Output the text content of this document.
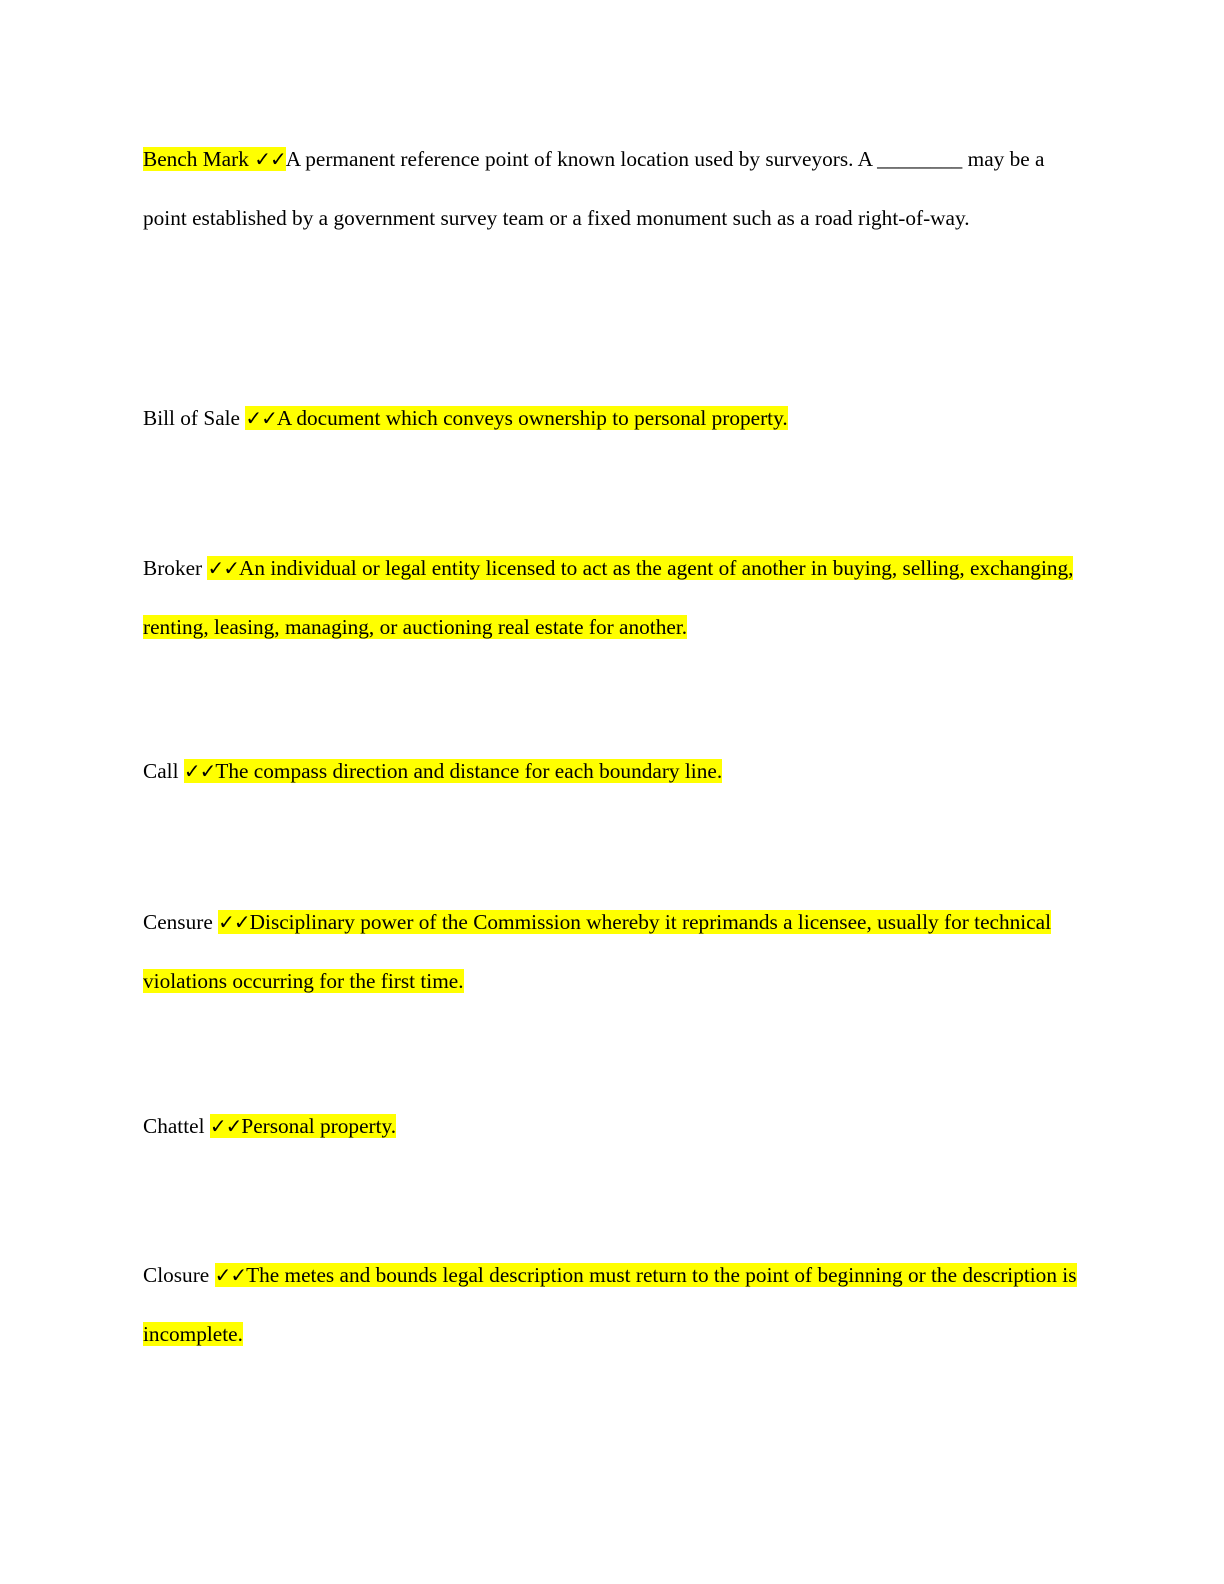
Bench Mark ✓✓A permanent reference point of known location used by surveyors. A ________ may be a point established by a government survey team or a fixed monument such as a road right-of-way.

Bill of Sale ✓✓A document which conveys ownership to personal property.

Broker ✓✓An individual or legal entity licensed to act as the agent of another in buying, selling, exchanging, renting, leasing, managing, or auctioning real estate for another.

Call ✓✓The compass direction and distance for each boundary line.

Censure ✓✓Disciplinary power of the Commission whereby it reprimands a licensee, usually for technical violations occurring for the first time.

Chattel ✓✓Personal property.

Closure ✓✓The metes and bounds legal description must return to the point of beginning or the description is incomplete.
